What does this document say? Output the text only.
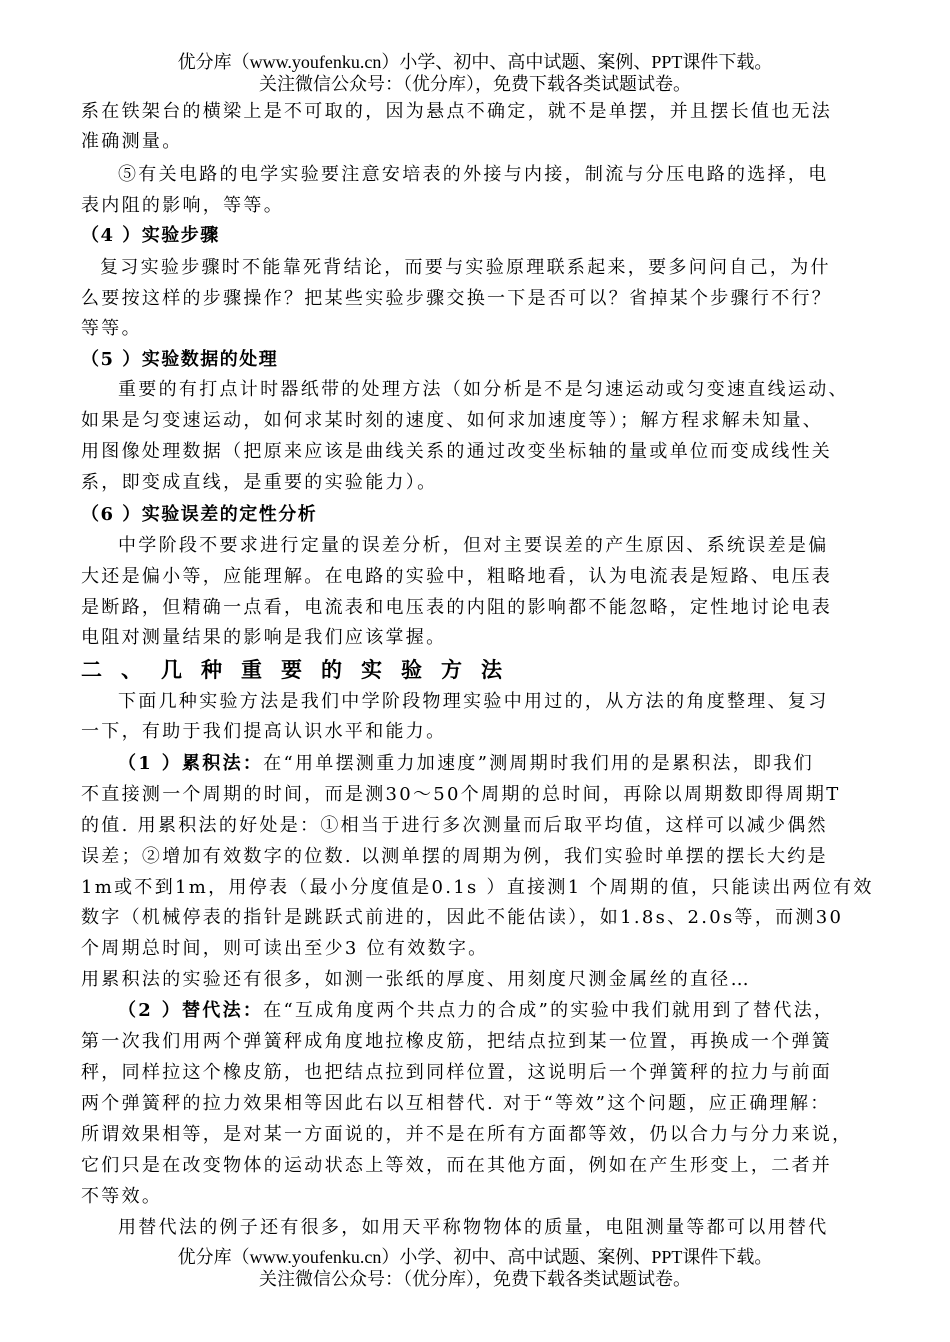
优分库（www.youfenku.cn）小学、初中、高中试题、案例、PPT课件下载。
关注微信公众号：（优分库），免费下载各类试题试卷。
系在铁架台的横梁上是不可取的，因为悬点不确定，就不是单摆，并且摆长值也无法
准确测量。
⑤有关电路的电学实验要注意安培表的外接与内接，制流与分压电路的选择，电
表内阻的影响，等等。
（4 ）实验步骤
复习实验步骤时不能靠死背结论，而要与实验原理联系起来，要多问问自己，为什
么要按这样的步骤操作？把某些实验步骤交换一下是否可以？省掉某个步骤行不行？
等等。
（5 ）实验数据的处理
重要的有打点计时器纸带的处理方法（如分析是不是匀速运动或匀变速直线运动、
如果是匀变速运动，如何求某时刻的速度、如何求加速度等）；解方程求解未知量、
用图像处理数据（把原来应该是曲线关系的通过改变坐标轴的量或单位而变成线性关
系，即变成直线，是重要的实验能力）。
（6 ）实验误差的定性分析
中学阶段不要求进行定量的误差分析，但对主要误差的产生原因、系统误差是偏
大还是偏小等，应能理解。在电路的实验中，粗略地看，认为电流表是短路、电压表
是断路，但精确一点看，电流表和电压表的内阻的影响都不能忽略，定性地讨论电表
电阻对测量结果的影响是我们应该掌握。
二、几种重要的实验方法
下面几种实验方法是我们中学阶段物理实验中用过的，从方法的角度整理、复习
一下，有助于我们提高认识水平和能力。
（1 ）累积法：在“用单摆测重力加速度”测周期时我们用的是累积法，即我们
不直接测一个周期的时间，而是测30～50个周期的总时间，再除以周期数即得周期T
的值. 用累积法的好处是：①相当于进行多次测量而后取平均值，这样可以减少偶然
误差；②增加有效数字的位数. 以测单摆的周期为例，我们实验时单摆的摆长大约是
1m或不到1m，用停表（最小分度值是0.1s ）直接测1 个周期的值，只能读出两位有效
数字（机械停表的指针是跳跃式前进的，因此不能估读），如1.8s、2.0s等，而测30
个周期总时间，则可读出至少3 位有效数字。
用累积法的实验还有很多，如测一张纸的厚度、用刻度尺测金属丝的直径…
（2 ）替代法：在“互成角度两个共点力的合成”的实验中我们就用到了替代法，
第一次我们用两个弹簧秤成角度地拉橡皮筋，把结点拉到某一位置，再换成一个弹簧
秤，同样拉这个橡皮筋，也把结点拉到同样位置，这说明后一个弹簧秤的拉力与前面
两个弹簧秤的拉力效果相等因此右以互相替代. 对于“等效”这个问题，应正确理解：
所谓效果相等，是对某一方面说的，并不是在所有方面都等效，仍以合力与分力来说，
它们只是在改变物体的运动状态上等效，而在其他方面，例如在产生形变上，二者并
不等效。
用替代法的例子还有很多，如用天平称物物体的质量，电阻测量等都可以用替代
优分库（www.youfenku.cn）小学、初中、高中试题、案例、PPT课件下载。
关注微信公众号：（优分库），免费下载各类试题试卷。
